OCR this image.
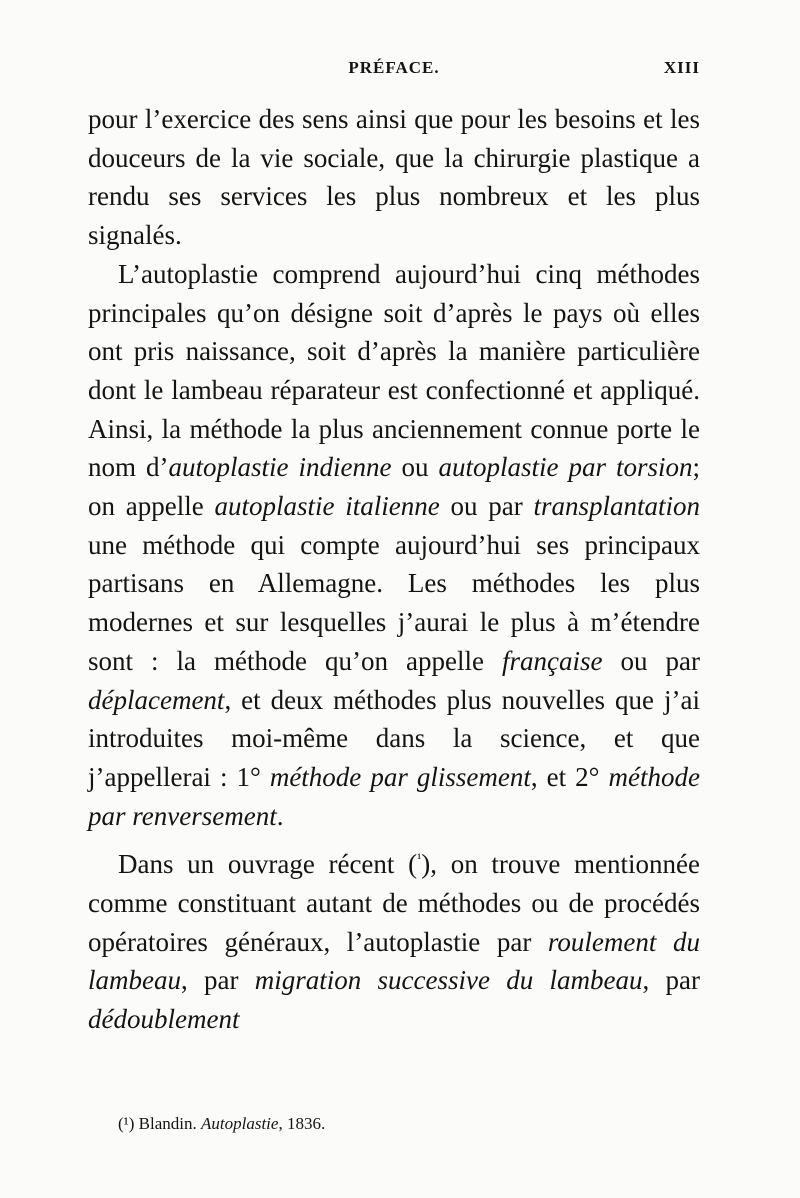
PRÉFACE.	XIII

pour l’exercice des sens ainsi que pour les besoins et les douceurs de la vie sociale, que la chirurgie plastique a rendu ses services les plus nombreux et les plus signalés.

L’autoplastie comprend aujourd’hui cinq méthodes principales qu’on désigne soit d’après le pays où elles ont pris naissance, soit d’après la manière particulière dont le lambeau réparateur est confectionné et appliqué. Ainsi, la méthode la plus anciennement connue porte le nom d’autoplastie indienne ou autoplastie par torsion; on appelle autoplastie italienne ou par transplantation une méthode qui compte aujourd’hui ses principaux partisans en Allemagne. Les méthodes les plus modernes et sur lesquelles j’aurai le plus à m’étendre sont : la méthode qu’on appelle française ou par déplacement, et deux méthodes plus nouvelles que j’ai introduites moi-même dans la science, et que j’appellerai : 1° méthode par glissement, et 2° méthode par renversement.

Dans un ouvrage récent ($^{^1}$), on trouve mentionnée comme constituant autant de méthodes ou de procédés opératoires généraux, l’autoplastie par roulement du lambeau, par migration successive du lambeau, par dédoublement

(¹) Blandin. Autoplastie, 1836.
